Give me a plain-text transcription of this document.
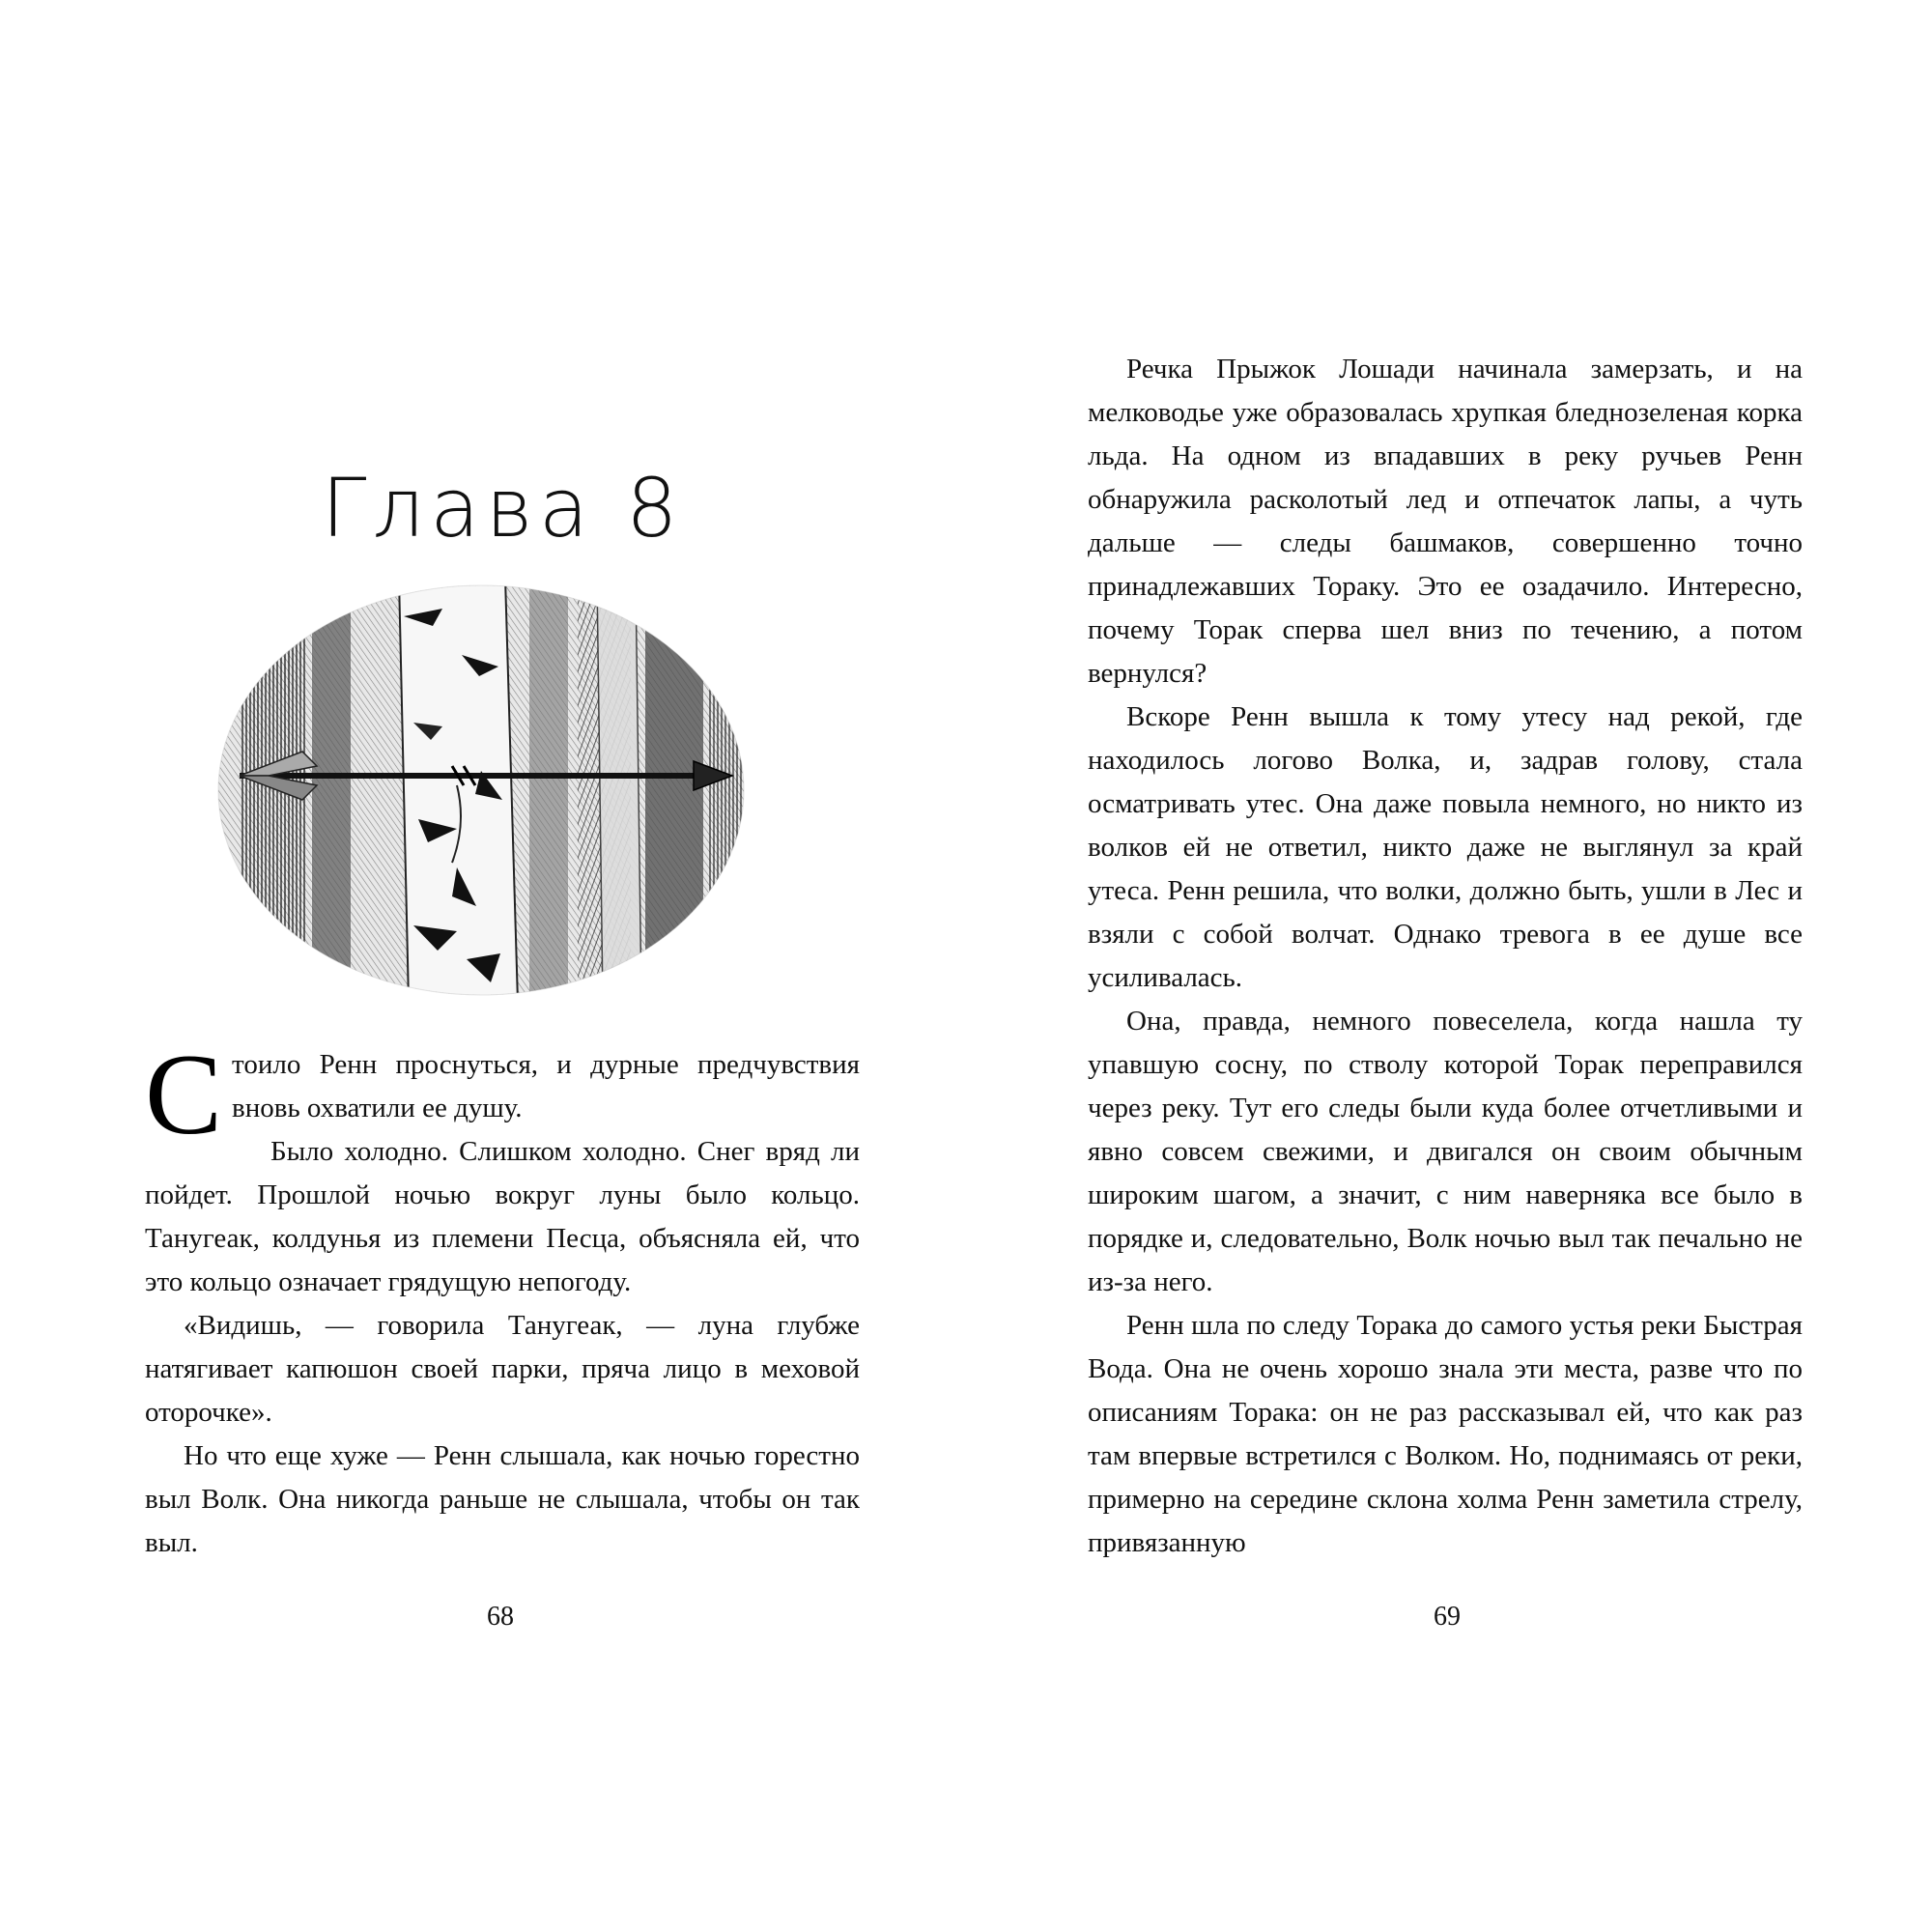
Глава 8

Стоило Ренн проснуться, и дурные предчувствия вновь охватили ее душу.

Было холодно. Слишком холодно. Снег вряд ли пойдет. Прошлой ночью вокруг луны было кольцо. Танугеак, колдунья из племени Песца, объясняла ей, что это кольцо означает грядущую непогоду.

«Видишь, — говорила Танугеак, — луна глубже натягивает капюшон своей парки, пряча лицо в меховой оторочке».

Но что еще хуже — Ренн слышала, как ночью горестно выл Волк. Она никогда раньше не слышала, чтобы он так выл.

68

Речка Прыжок Лошади начинала замерзать, и на мелководье уже образовалась хрупкая бледнозеленая корка льда. На одном из впадавших в реку ручьев Ренн обнаружила расколотый лед и отпечаток лапы, а чуть дальше — следы башмаков, совершенно точно принадлежавших Тораку. Это ее озадачило. Интересно, почему Торак сперва шел вниз по течению, а потом вернулся?

Вскоре Ренн вышла к тому утесу над рекой, где находилось логово Волка, и, задрав голову, стала осматривать утес. Она даже повыла немного, но никто из волков ей не ответил, никто даже не выглянул за край утеса. Ренн решила, что волки, должно быть, ушли в Лес и взяли с собой волчат. Однако тревога в ее душе все усиливалась.

Она, правда, немного повеселела, когда нашла ту упавшую сосну, по стволу которой Торак переправился через реку. Тут его следы были куда более отчетливыми и явно совсем свежими, и двигался он своим обычным широким шагом, а значит, с ним наверняка все было в порядке и, следовательно, Волк ночью выл так печально не из-за него.

Ренн шла по следу Торака до самого устья реки Быстрая Вода. Она не очень хорошо знала эти места, разве что по описаниям Торака: он не раз рассказывал ей, что как раз там впервые встретился с Волком. Но, поднимаясь от реки, примерно на середине склона холма Ренн заметила стрелу, привязанную

69
